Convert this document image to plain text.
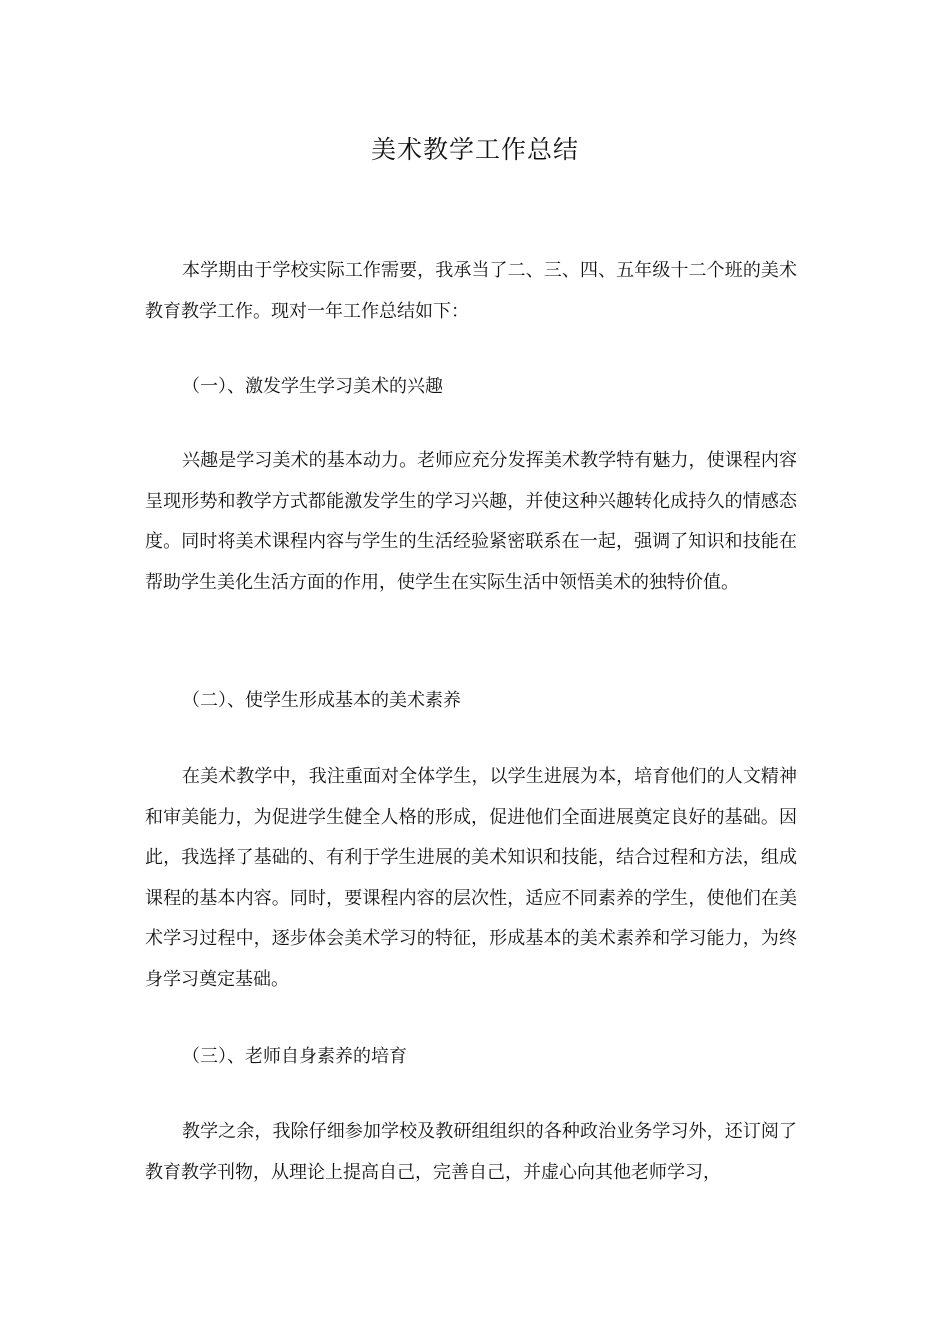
美术教学工作总结

本学期由于学校实际工作需要，我承当了二、三、四、五年级十二个班的美术教育教学工作。现对一年工作总结如下：

（一）、激发学生学习美术的兴趣

兴趣是学习美术的基本动力。老师应充分发挥美术教学特有魅力，使课程内容呈现形势和教学方式都能激发学生的学习兴趣，并使这种兴趣转化成持久的情感态度。同时将美术课程内容与学生的生活经验紧密联系在一起，强调了知识和技能在帮助学生美化生活方面的作用，使学生在实际生活中领悟美术的独特价值。

（二）、使学生形成基本的美术素养

在美术教学中，我注重面对全体学生，以学生进展为本，培育他们的人文精神和审美能力，为促进学生健全人格的形成，促进他们全面进展奠定良好的基础。因此，我选择了基础的、有利于学生进展的美术知识和技能，结合过程和方法，组成课程的基本内容。同时，要课程内容的层次性，适应不同素养的学生，使他们在美术学习过程中，逐步体会美术学习的特征，形成基本的美术素养和学习能力，为终身学习奠定基础。

（三）、老师自身素养的培育

教学之余，我除仔细参加学校及教研组组织的各种政治业务学习外，还订阅了教育教学刊物，从理论上提高自己，完善自己，并虚心向其他老师学习，
